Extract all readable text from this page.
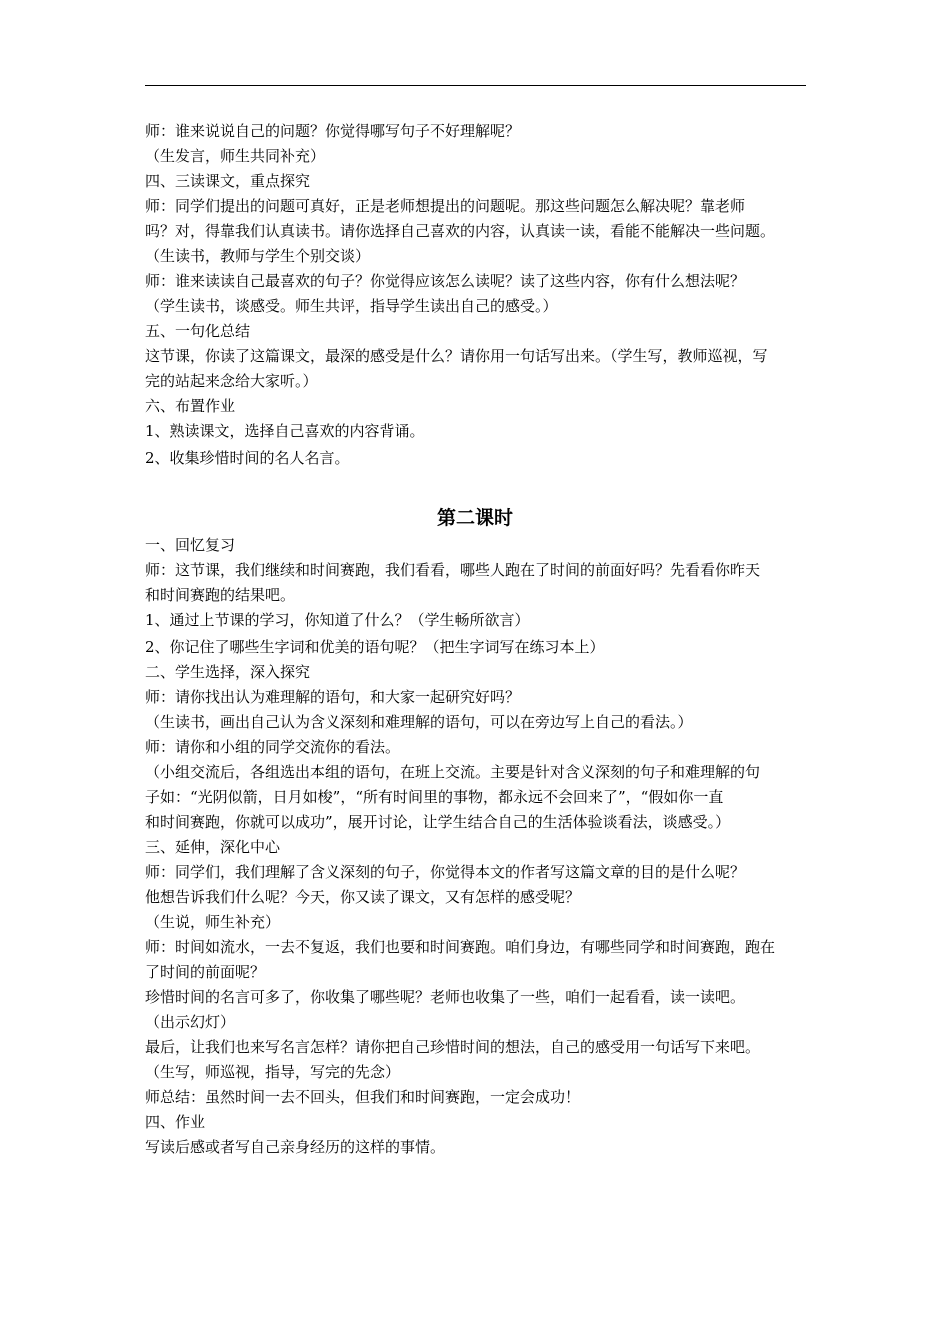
师：谁来说说自己的问题？你觉得哪写句子不好理解呢？
（生发言，师生共同补充）
四、三读课文，重点探究
师：同学们提出的问题可真好，正是老师想提出的问题呢。那这些问题怎么解决呢？靠老师
吗？对，得靠我们认真读书。请你选择自己喜欢的内容，认真读一读，看能不能解决一些问题。
（生读书，教师与学生个别交谈）
师：谁来读读自己最喜欢的句子？你觉得应该怎么读呢？读了这些内容，你有什么想法呢？
（学生读书，谈感受。师生共评，指导学生读出自己的感受。）
五、一句化总结
这节课，你读了这篇课文，最深的感受是什么？请你用一句话写出来。（学生写，教师巡视，写
完的站起来念给大家听。）
六、布置作业
1、熟读课文，选择自己喜欢的内容背诵。
2、收集珍惜时间的名人名言。
第二课时
一、回忆复习
师：这节课，我们继续和时间赛跑，我们看看，哪些人跑在了时间的前面好吗？先看看你昨天
和时间赛跑的结果吧。
1、通过上节课的学习，你知道了什么？（学生畅所欲言）
2、你记住了哪些生字词和优美的语句呢？（把生字词写在练习本上）
二、学生选择，深入探究
师：请你找出认为难理解的语句，和大家一起研究好吗？
（生读书，画出自己认为含义深刻和难理解的语句，可以在旁边写上自己的看法。）
师：请你和小组的同学交流你的看法。
（小组交流后，各组选出本组的语句，在班上交流。主要是针对含义深刻的句子和难理解的句
子如：“光阴似箭，日月如梭”，“所有时间里的事物，都永远不会回来了”，“假如你一直
和时间赛跑，你就可以成功”，展开讨论，让学生结合自己的生活体验谈看法，谈感受。）
三、延伸，深化中心
师：同学们，我们理解了含义深刻的句子，你觉得本文的作者写这篇文章的目的是什么呢？
他想告诉我们什么呢？今天，你又读了课文，又有怎样的感受呢？
（生说，师生补充）
师：时间如流水，一去不复返，我们也要和时间赛跑。咱们身边，有哪些同学和时间赛跑，跑在
了时间的前面呢？
珍惜时间的名言可多了，你收集了哪些呢？老师也收集了一些，咱们一起看看，读一读吧。
（出示幻灯）
最后，让我们也来写名言怎样？请你把自己珍惜时间的想法，自己的感受用一句话写下来吧。
（生写，师巡视，指导，写完的先念）
师总结：虽然时间一去不回头，但我们和时间赛跑，一定会成功！
四、作业
写读后感或者写自己亲身经历的这样的事情。
